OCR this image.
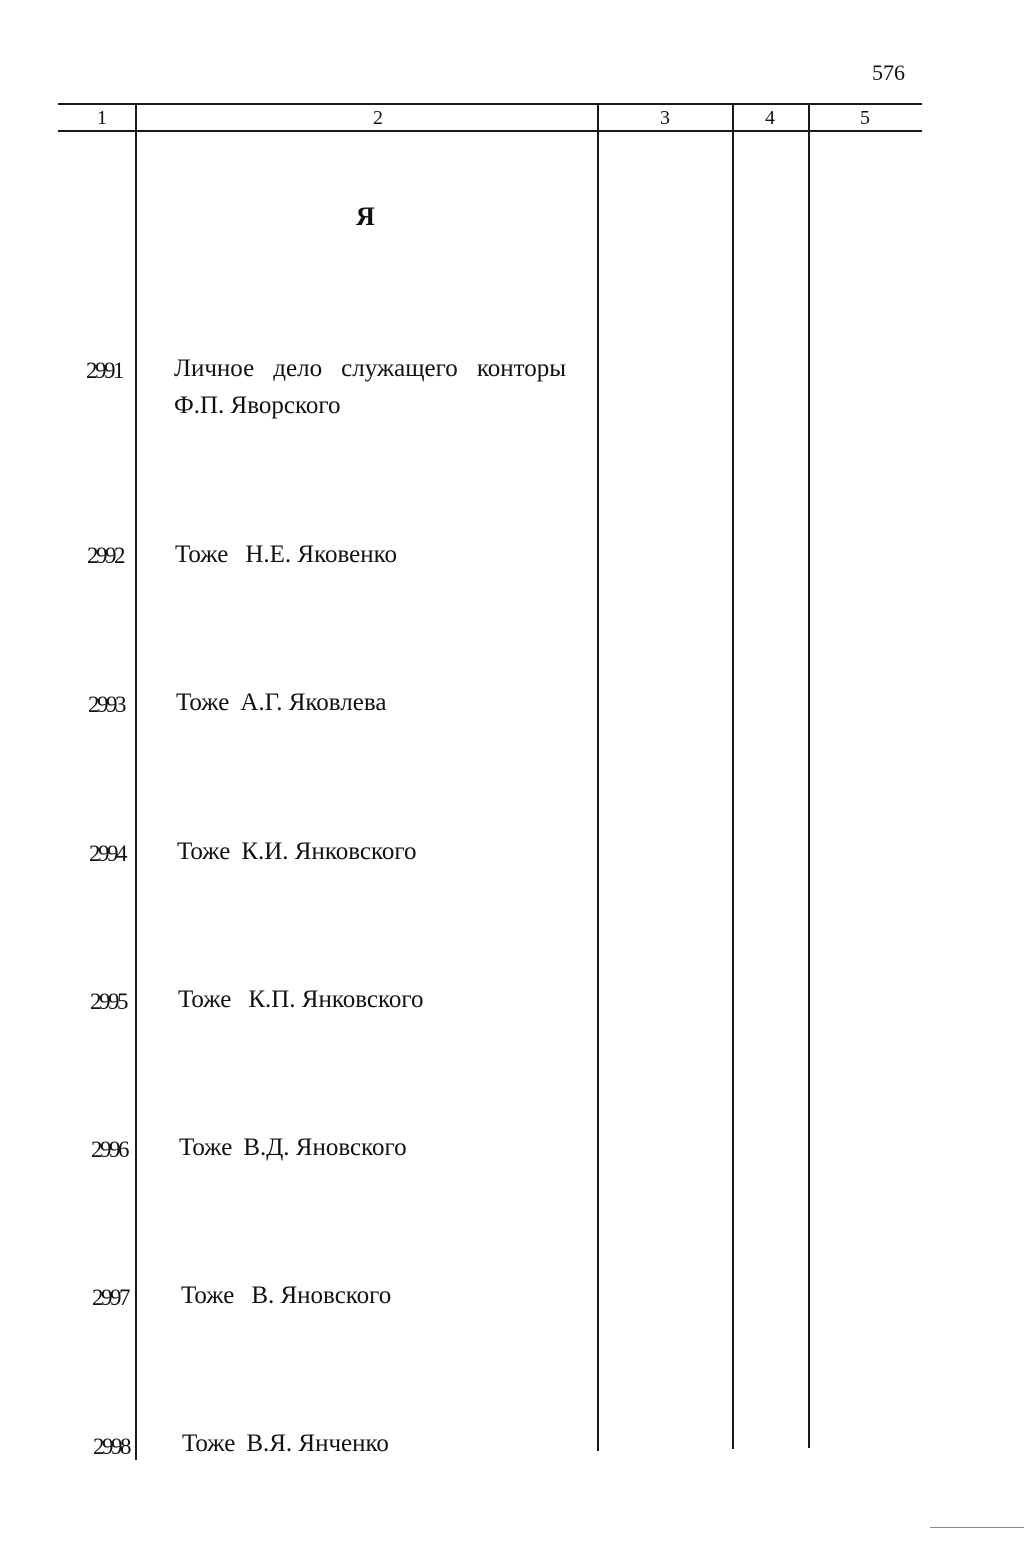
576
1	2	3	4	5
Я
2991 Личное дело служащего конторы
Ф.П. Яворского
2992 Тоже Н.Е. Яковенко
2993 Тоже А.Г. Яковлева
2994 Тоже К.И. Янковского
2995 Тоже К.П. Янковского
2996 Тоже В.Д. Яновского
2997 Тоже В. Яновского
2998 Тоже В.Я. Янченко
